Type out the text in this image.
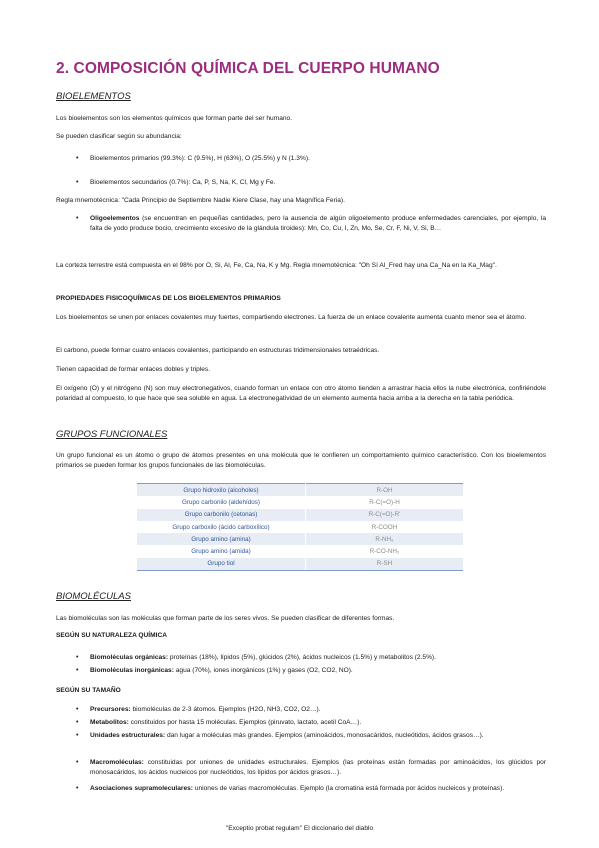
2. COMPOSICIÓN QUÍMICA DEL CUERPO HUMANO
BIOELEMENTOS
Los bioelementos son los elementos químicos que forman parte del ser humano.
Se pueden clasificar según su abundancia:
• Bioelementos primarios (99.3%): C (9.5%), H (63%), O (25.5%) y N (1.3%).
• Bioelementos secundarios (0.7%): Ca, P, S, Na, K, Cl, Mg y Fe.
Regla mnemotécnica: "Cada Principio de Septiembre Nadie Kiere Clase, hay una Magnífica Feria).
• Oligoelementos (se encuentran en pequeñas cantidades, pero la ausencia de algún oligoelemento produce enfermedades carenciales, por ejemplo, la falta de yodo produce bocio, crecimiento excesivo de la glándula tiroides): Mn, Co, Cu, I, Zn, Mo, Se, Cr, F, Ni, V, Si, B…
La corteza terrestre está compuesta en el 98% por O, Si, Al, Fe, Ca, Na, K y Mg. Regla mnemotécnica: "Oh Sí Al_Fred hay una Ca_Na en la Ka_Mag".
PROPIEDADES FISICOQUÍMICAS DE LOS BIOELEMENTOS PRIMARIOS
Los bioelementos se unen por enlaces covalentes muy fuertes, compartiendo electrones. La fuerza de un enlace covalente aumenta cuanto menor sea el átomo.
El carbono, puede formar cuatro enlaces covalentes, participando en estructuras tridimensionales tetraédricas.
Tienen capacidad de formar enlaces dobles y triples.
El oxígeno (O) y el nitrógeno (N) son muy electronegativos, cuando forman un enlace con otro átomo tienden a arrastrar hacia ellos la nube electrónica, confiriéndole polaridad al compuesto, lo que hace que sea soluble en agua. La electronegatividad de un elemento aumenta hacia arriba a la derecha en la tabla periódica.
GRUPOS FUNCIONALES
Un grupo funcional es un átomo o grupo de átomos presentes en una molécula que le confieren un comportamiento químico característico. Con los bioelementos primarios se pueden formar los grupos funcionales de las biomoléculas.
Grupo hidroxilo (alcoholes)	R-OH
Grupo carbonilo (aldehídos)	R-C(=O)-H
Grupo carbonilo (cetonas)	R-C(=O)-R'
Grupo carboxilo (ácido carboxílico)	R-COOH
Grupo amino (amina)	R-NH₂
Grupo amino (amida)	R-CO-NH₂
Grupo tiol	R-SH
BIOMOLÉCULAS
Las biomoléculas son las moléculas que forman parte de los seres vivos. Se pueden clasificar de diferentes formas.
SEGÚN SU NATURALEZA QUÍMICA
• Biomoléculas orgánicas: proteínas (18%), lípidos (5%), glúcidos (2%), ácidos nucleicos (1.5%) y metabolitos (2.5%).
• Biomoléculas inorgánicas: agua (70%), iones inorgánicos (1%) y gases (O2, CO2, NO).
SEGÚN SU TAMAÑO
• Precursores: biomoléculas de 2-3 átomos. Ejemplos (H2O, NH3, CO2, O2…).
• Metabolitos: constituidos por hasta 15 moléculas. Ejemplos (piruvato, lactato, acetil CoA…).
• Unidades estructurales: dan lugar a moléculas más grandes. Ejemplos (aminoácidos, monosacáridos, nucleótidos, ácidos grasos…).
• Macromoléculas: constituidas por uniones de unidades estructurales. Ejemplos (las proteínas están formadas por aminoácidos, los glúcidos por monosacáridos, los ácidos nucleicos por nucleótidos, los lípidos por ácidos grasos…).
• Asociaciones supramoleculares: uniones de varias macromoléculas. Ejemplo (la cromatina está formada por ácidos nucleicos y proteínas).
"Exceptio probat regulam" El diccionario del diablo
